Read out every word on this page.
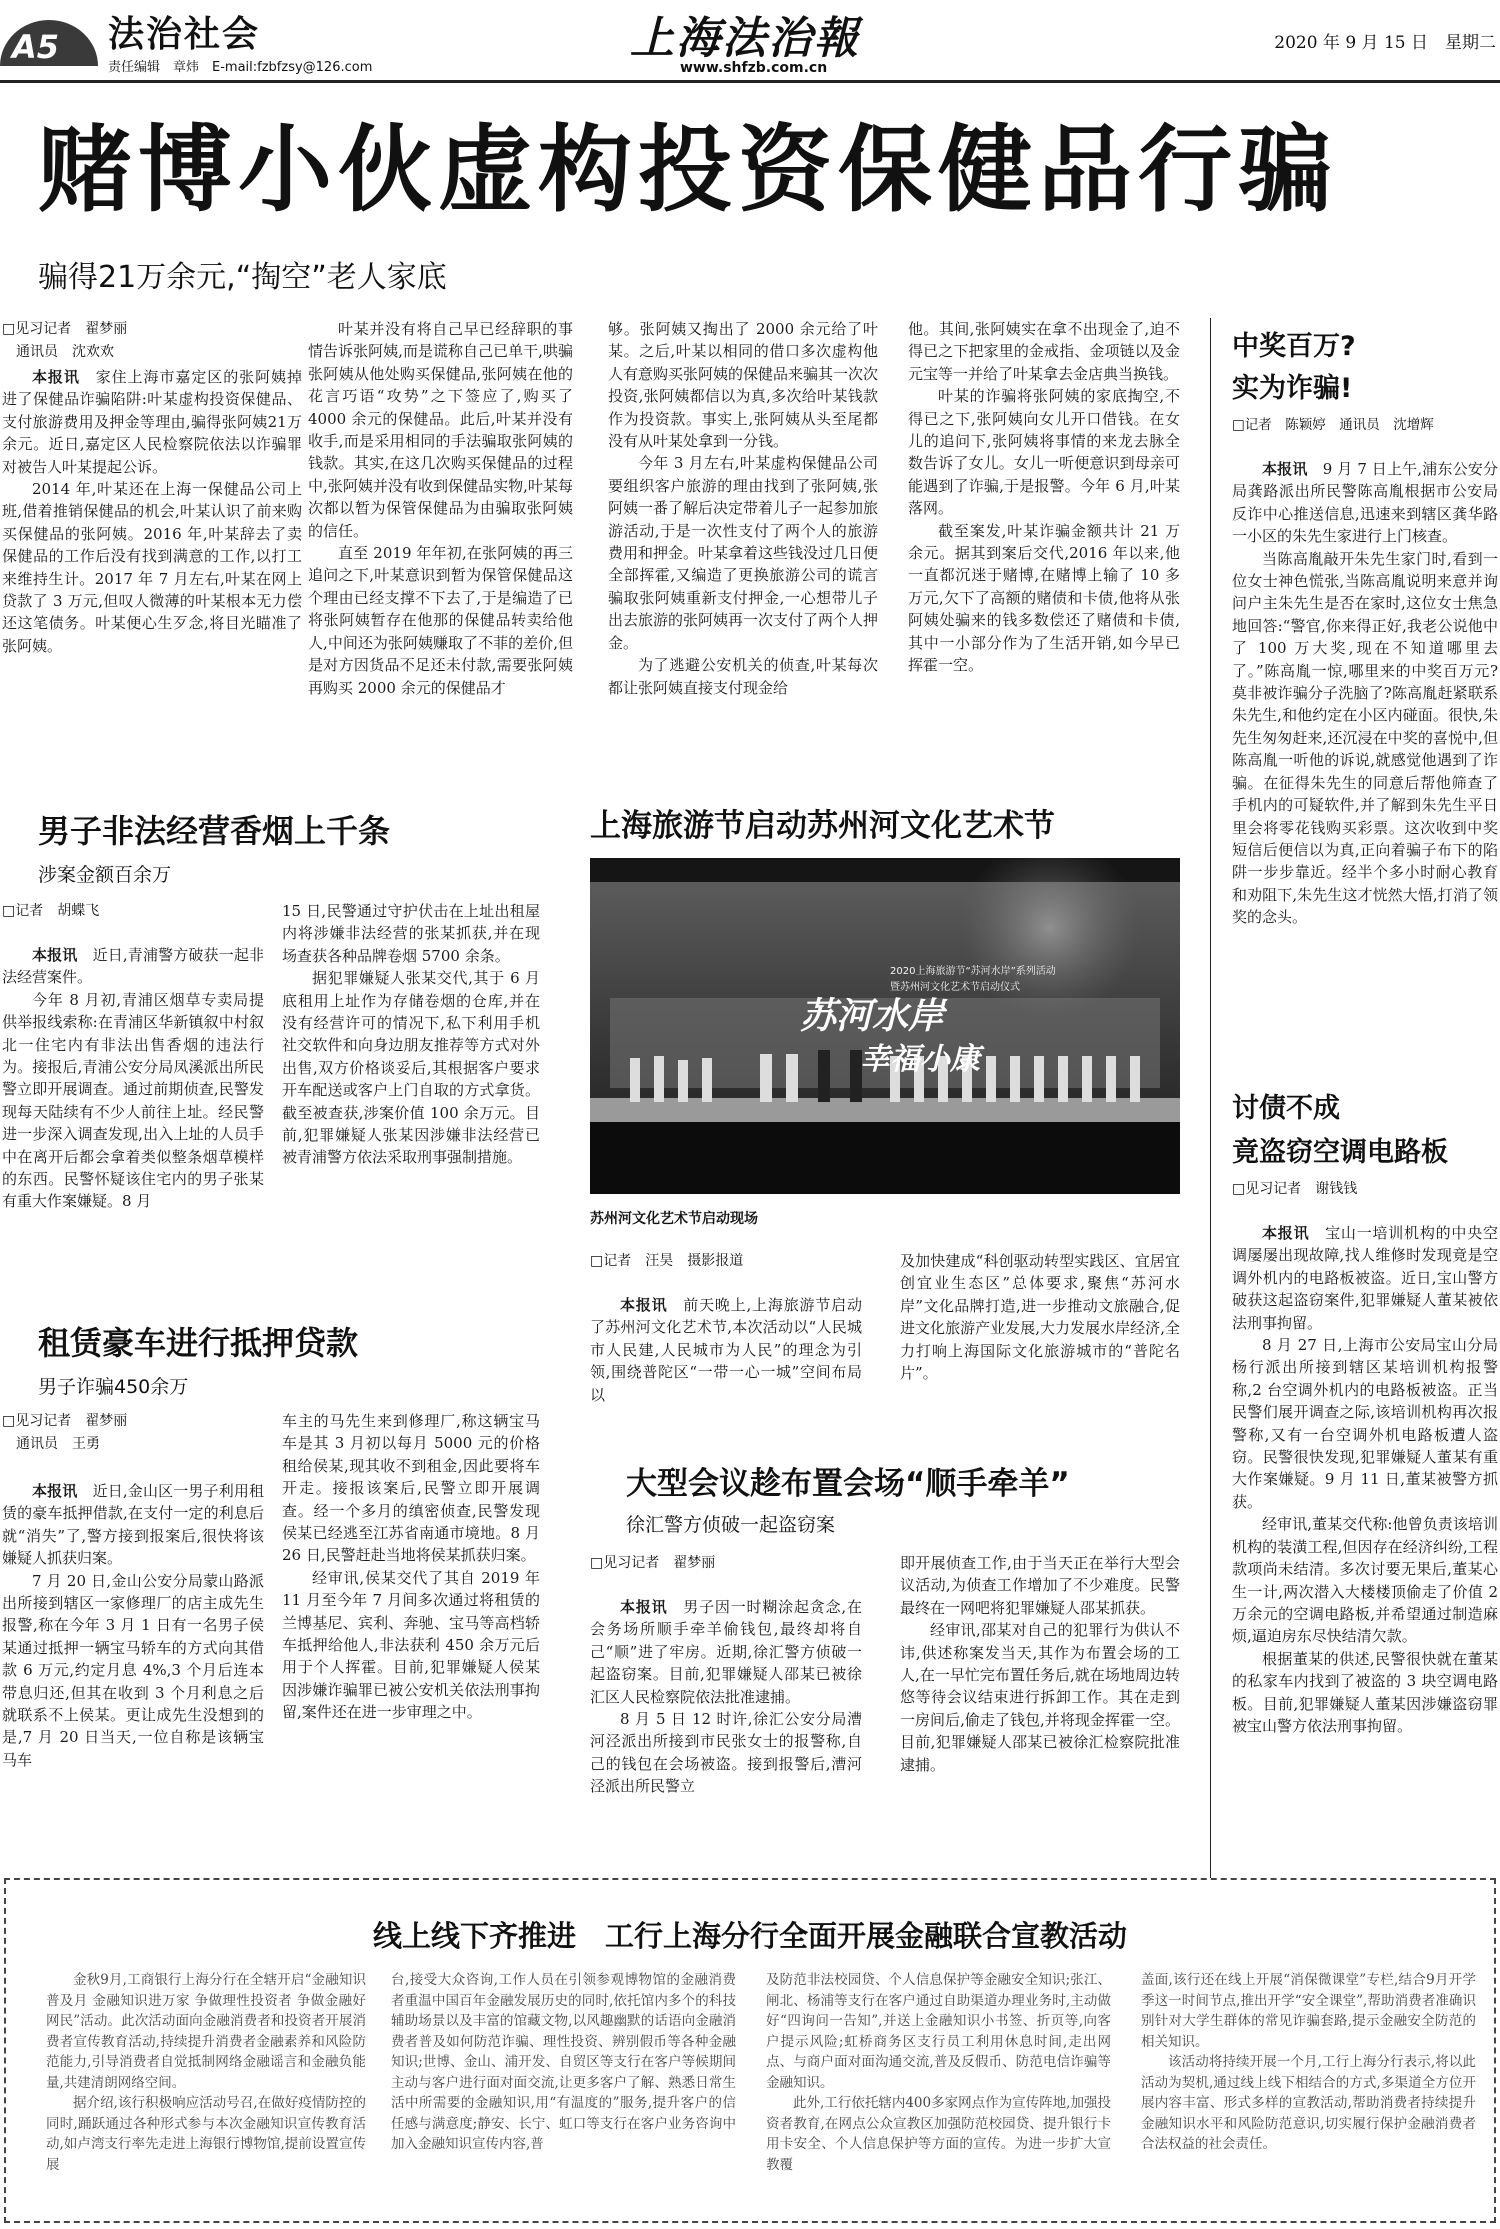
A5 法治社会
责任编辑　章炜　E-mail:fzbfzsy@126.com
上海法治報
www.shfzb.com.cn
2020 年 9 月 15 日　星期二
赌博小伙虚构投资保健品行骗
骗得21万余元,“掏空”老人家底
□见习记者　翟梦丽
　通讯员　沈欢欢

本报讯　家住上海市嘉定区的张阿姨掉进了保健品诈骗陷阱:叶某虚构投资保健品、支付旅游费用及押金等理由,骗得张阿姨21万余元。近日,嘉定区人民检察院依法以诈骗罪对被告人叶某提起公诉。

2014 年,叶某还在上海一保健品公司上班,借着推销保健品的机会,叶某认识了前来购买保健品的张阿姨。2016 年,叶某辞去了卖保健品的工作后没有找到满意的工作,以打工来维持生计。2017 年 7 月左右,叶某在网上贷款了 3 万元,但叹人微薄的叶某根本无力偿还这笔债务。叶某便心生歹念,将目光瞄准了张阿姨。

叶某并没有将自己早已经辞职的事情告诉张阿姨,而是谎称自己已单干,哄骗张阿姨从他处购买保健品,张阿姨在他的花言巧语“攻势”之下签应了,购买了 4000 余元的保健品。此后,叶某并没有收手,而是采用相同的手法骗取张阿姨的钱款。其实,在这几次购买保健品的过程中,张阿姨并没有收到保健品实物,叶某每次都以暂为保管保健品为由骗取张阿姨的信任。

直至 2019 年年初,在张阿姨的再三追问之下,叶某意识到暂为保管保健品这个理由已经支撑不下去了,于是编造了已将张阿姨暂存在他那的保健品转卖给他人,中间还为张阿姨赚取了不菲的差价,但是对方因货品不足还未付款,需要张阿姨再购买 2000 余元的保健品才

够。张阿姨又掏出了 2000 余元给了叶某。之后,叶某以相同的借口多次虚构他人有意购买张阿姨的保健品来骗其一次次投资,张阿姨都信以为真,多次给叶某钱款作为投资款。事实上,张阿姨从头至尾都没有从叶某处拿到一分钱。

今年 3 月左右,叶某虚构保健品公司要组织客户旅游的理由找到了张阿姨,张阿姨一番了解后决定带着儿子一起参加旅游活动,于是一次性支付了两个人的旅游费用和押金。叶某拿着这些钱没过几日便全部挥霍,又编造了更换旅游公司的谎言骗取张阿姨重新支付押金,一心想带儿子出去旅游的张阿姨再一次支付了两个人押金。

为了逃避公安机关的侦查,叶某每次都让张阿姨直接支付现金给

他。其间,张阿姨实在拿不出现金了,迫不得已之下把家里的金戒指、金项链以及金元宝等一并给了叶某拿去金店典当换钱。

叶某的诈骗将张阿姨的家底掏空,不得已之下,张阿姨向女儿开口借钱。在女儿的追问下,张阿姨将事情的来龙去脉全数告诉了女儿。女儿一听便意识到母亲可能遇到了诈骗,于是报警。今年 6 月,叶某落网。

截至案发,叶某诈骗金额共计 21 万余元。据其到案后交代,2016 年以来,他一直都沉迷于赌博,在赌博上输了 10 多万元,欠下了高额的赌债和卡债,他将从张阿姨处骗来的钱多数偿还了赌债和卡债,其中一小部分作为了生活开销,如今早已挥霍一空。

中奖百万?
实为诈骗!
□记者　陈颖婷　通讯员　沈增辉

本报讯　9 月 7 日上午,浦东公安分局龚路派出所民警陈高胤根据市公安局反诈中心推送信息,迅速来到辖区龚华路一小区的朱先生家进行上门核查。

当陈高胤敲开朱先生家门时,看到一位女士神色慌张,当陈高胤说明来意并询问户主朱先生是否在家时,这位女士焦急地回答:“警官,你来得正好,我老公说他中了 100 万大奖,现在不知道哪里去了。”陈高胤一惊,哪里来的中奖百万元?莫非被诈骗分子洗脑了?陈高胤赶紧联系朱先生,和他约定在小区内碰面。很快,朱先生匆匆赶来,还沉浸在中奖的喜悦中,但陈高胤一听他的诉说,就感觉他遇到了诈骗。在征得朱先生的同意后帮他筛查了手机内的可疑软件,并了解到朱先生平日里会将零花钱购买彩票。这次收到中奖短信后便信以为真,正向着骗子布下的陷阱一步步靠近。经半个多小时耐心教育和劝阻下,朱先生这才恍然大悟,打消了领奖的念头。

讨债不成
竟盗窃空调电路板
□见习记者　谢钱钱

本报讯　宝山一培训机构的中央空调屡屡出现故障,找人维修时发现竟是空调外机内的电路板被盗。近日,宝山警方破获这起盗窃案件,犯罪嫌疑人董某被依法刑事拘留。

8 月 27 日,上海市公安局宝山分局杨行派出所接到辖区某培训机构报警称,2 台空调外机内的电路板被盗。正当民警们展开调查之际,该培训机构再次报警称,又有一台空调外机电路板遭人盗窃。民警很快发现,犯罪嫌疑人董某有重大作案嫌疑。9 月 11 日,董某被警方抓获。

经审讯,董某交代称:他曾负责该培训机构的装潢工程,但因存在经济纠纷,工程款项尚未结清。多次讨要无果后,董某心生一计,两次潜入大楼楼顶偷走了价值 2 万余元的空调电路板,并希望通过制造麻烦,逼迫房东尽快结清欠款。

根据董某的供述,民警很快就在董某的私家车内找到了被盗的 3 块空调电路板。目前,犯罪嫌疑人董某因涉嫌盗窃罪被宝山警方依法刑事拘留。

男子非法经营香烟上千条
涉案金额百余万
□记者　胡蝶飞

本报讯　近日,青浦警方破获一起非法经营案件。

今年 8 月初,青浦区烟草专卖局提供举报线索称:在青浦区华新镇叙中村叙北一住宅内有非法出售香烟的违法行为。接报后,青浦公安分局凤溪派出所民警立即开展调查。通过前期侦查,民警发现每天陆续有不少人前往上址。经民警进一步深入调查发现,出入上址的人员手中在离开后都会拿着类似整条烟草模样的东西。民警怀疑该住宅内的男子张某有重大作案嫌疑。8 月

15 日,民警通过守护伏击在上址出租屋内将涉嫌非法经营的张某抓获,并在现场查获各种品牌卷烟 5700 余条。

据犯罪嫌疑人张某交代,其于 6 月底租用上址作为存储卷烟的仓库,并在没有经营许可的情况下,私下利用手机社交软件和向身边朋友推荐等方式对外出售,双方价格谈妥后,其根据客户要求开车配送或客户上门自取的方式拿货。截至被查获,涉案价值 100 余万元。目前,犯罪嫌疑人张某因涉嫌非法经营已被青浦警方依法采取刑事强制措施。

上海旅游节启动苏州河文化艺术节
2020上海旅游节“苏河水岸”系列活动
暨苏州河文化艺术节启动仪式
苏河水岸
幸福小康
苏州河文化艺术节启动现场
□记者　汪昊　摄影报道

本报讯　前天晚上,上海旅游节启动了苏州河文化艺术节,本次活动以“人民城市人民建,人民城市为人民”的理念为引领,围绕普陀区“一带一心一城”空间布局以

及加快建成“科创驱动转型实践区、宜居宜创宜业生态区”总体要求,聚焦“苏河水岸”文化品牌打造,进一步推动文旅融合,促进文化旅游产业发展,大力发展水岸经济,全力打响上海国际文化旅游城市的“普陀名片”。

租赁豪车进行抵押贷款
男子诈骗450余万
□见习记者　翟梦丽
　通讯员　王勇

本报讯　近日,金山区一男子利用租赁的豪车抵押借款,在支付一定的利息后就“消失”了,警方接到报案后,很快将该嫌疑人抓获归案。

7 月 20 日,金山公安分局蒙山路派出所接到辖区一家修理厂的店主成先生报警,称在今年 3 月 1 日有一名男子侯某通过抵押一辆宝马轿车的方式向其借款 6 万元,约定月息 4%,3 个月后连本带息归还,但其在收到 3 个月利息之后就联系不上侯某。更让成先生没想到的是,7 月 20 日当天,一位自称是该辆宝马车

车主的马先生来到修理厂,称这辆宝马车是其 3 月初以每月 5000 元的价格租给侯某,现其收不到租金,因此要将车开走。接报该案后,民警立即开展调查。经一个多月的缜密侦查,民警发现侯某已经逃至江苏省南通市境地。8 月 26 日,民警赶赴当地将侯某抓获归案。

经审讯,侯某交代了其自 2019 年 11 月至今年 7 月间多次通过将租赁的兰博基尼、宾利、奔驰、宝马等高档轿车抵押给他人,非法获利 450 余万元后用于个人挥霍。目前,犯罪嫌疑人侯某因涉嫌诈骗罪已被公安机关依法刑事拘留,案件还在进一步审理之中。

大型会议趁布置会场“顺手牵羊”
徐汇警方侦破一起盗窃案
□见习记者　翟梦丽

本报讯　男子因一时糊涂起贪念,在会务场所顺手牵羊偷钱包,最终却将自己“顺”进了牢房。近期,徐汇警方侦破一起盗窃案。目前,犯罪嫌疑人邵某已被徐汇区人民检察院依法批准逮捕。

8 月 5 日 12 时许,徐汇公安分局漕河泾派出所接到市民张女士的报警称,自己的钱包在会场被盗。接到报警后,漕河泾派出所民警立

即开展侦查工作,由于当天正在举行大型会议活动,为侦查工作增加了不少难度。民警最终在一网吧将犯罪嫌疑人邵某抓获。

经审讯,邵某对自己的犯罪行为供认不讳,供述称案发当天,其作为布置会场的工人,在一早忙完布置任务后,就在场地周边转悠等待会议结束进行拆卸工作。其在走到一房间后,偷走了钱包,并将现金挥霍一空。目前,犯罪嫌疑人邵某已被徐汇检察院批准逮捕。

线上线下齐推进　工行上海分行全面开展金融联合宣教活动

金秋9月,工商银行上海分行在全辖开启“金融知识普及月 金融知识进万家 争做理性投资者 争做金融好网民”活动。此次活动面向金融消费者和投资者开展消费者宣传教育活动,持续提升消费者金融素养和风险防范能力,引导消费者自觉抵制网络金融谣言和金融负能量,共建清朗网络空间。

据介绍,该行积极响应活动号召,在做好疫情防控的同时,踊跃通过各种形式参与本次金融知识宣传教育活动,如卢湾支行率先走进上海银行博物馆,提前设置宣传展

台,接受大众咨询,工作人员在引领参观博物馆的金融消费者重温中国百年金融发展历史的同时,依托馆内多个的科技辅助场景以及丰富的馆藏文物,以风趣幽默的话语向金融消费者普及如何防范诈骗、理性投资、辨别假币等各种金融知识;世博、金山、浦开发、自贸区等支行在客户等候期间主动与客户进行面对面交流,让更多客户了解、熟悉日常生活中所需要的金融知识,用“有温度的”服务,提升客户的信任感与满意度;静安、长宁、虹口等支行在客户业务咨询中加入金融知识宣传内容,普

及防范非法校园贷、个人信息保护等金融安全知识;张江、闸北、杨浦等支行在客户通过自助渠道办理业务时,主动做好“四询问一告知”,并送上金融知识小书签、折页等,向客户提示风险;虹桥商务区支行员工利用休息时间,走出网点、与商户面对面沟通交流,普及反假币、防范电信诈骗等金融知识。

此外,工行依托辖内400多家网点作为宣传阵地,加强投资者教育,在网点公众宣教区加强防范校园贷、提升银行卡用卡安全、个人信息保护等方面的宣传。为进一步扩大宣教覆

盖面,该行还在线上开展“消保微课堂”专栏,结合9月开学季这一时间节点,推出开学“安全课堂”,帮助消费者准确识别针对大学生群体的常见诈骗套路,提示金融安全防范的相关知识。

该活动将持续开展一个月,工行上海分行表示,将以此活动为契机,通过线上线下相结合的方式,多渠道全方位开展内容丰富、形式多样的宣教活动,帮助消费者持续提升金融知识水平和风险防范意识,切实履行保护金融消费者合法权益的社会责任。
